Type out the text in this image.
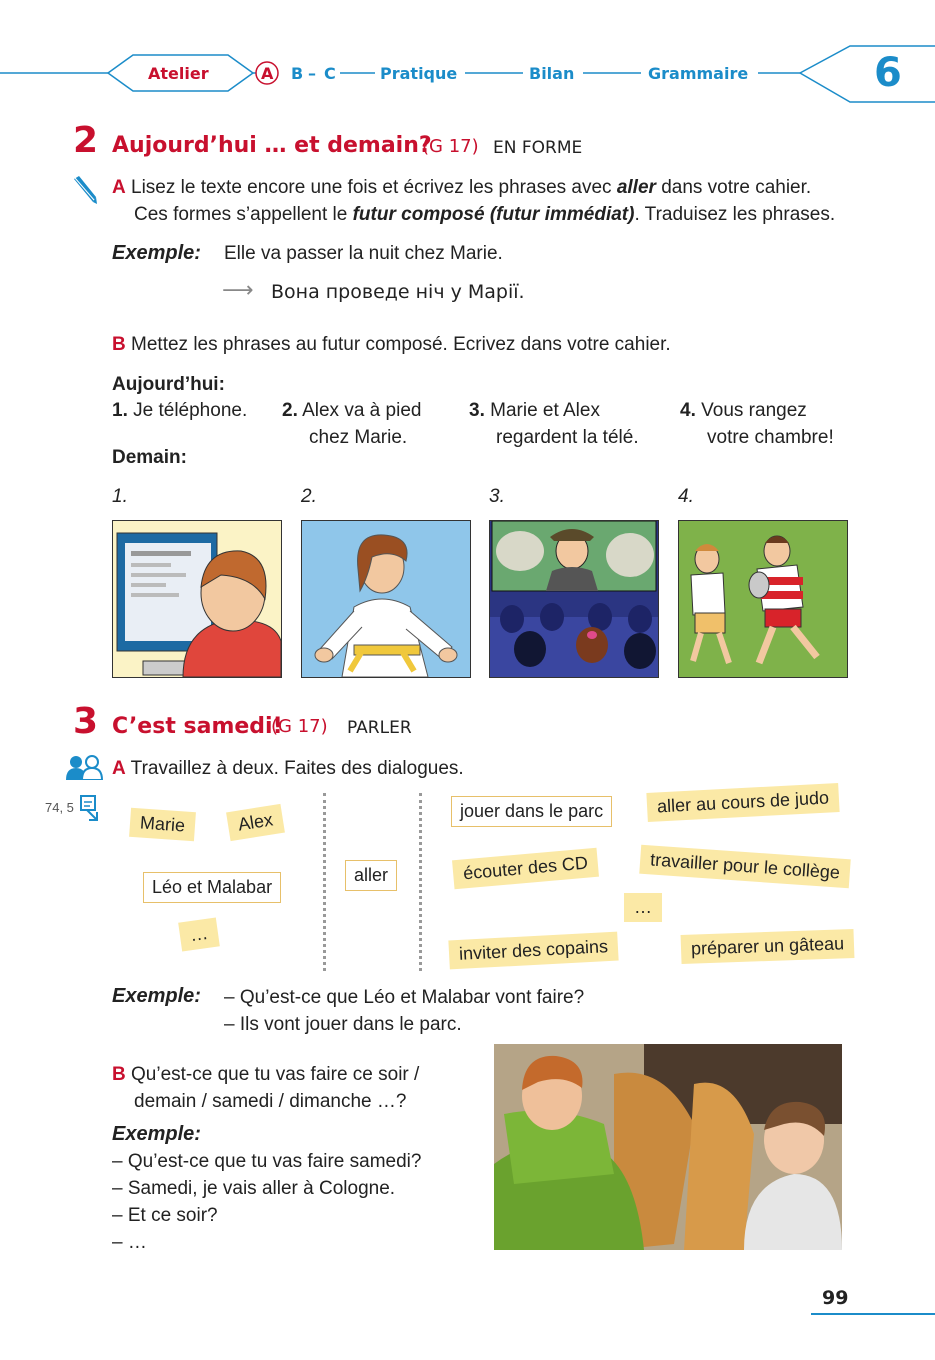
Atelier	A B – C	Pratique	Bilan	Grammaire	6
2 Aujourd’hui … et demain?
(G 17) EN FORME
A Lisez le texte encore une fois et écrivez les phrases avec aller dans votre cahier.
Ces formes s’appellent le futur composé (futur immédiat). Traduisez les phrases.
Exemple: Elle va passer la nuit chez Marie.
⟶ Вона проведе ніч у Марії.
B Mettez les phrases au futur composé. Ecrivez dans votre cahier.
Aujourd’hui:
1. Je téléphone. 2. Alex va à pied
chez Marie.
3. Marie et Alex
regardent la télé.
4. Vous rangez
votre chambre!
Demain:
1.	2.	3.	4.
3 C’est samedi!
(G 17) PARLER
A Travaillez à deux. Faites des dialogues.
74, 5
Marie	Alex
Léo et Malabar
…
aller
jouer dans le parc	aller au cours de judo
écouter des CD	travailler pour le collège
…
inviter des copains	préparer un gâteau
Exemple: – Qu’est-ce que Léo et Malabar vont faire?
– Ils vont jouer dans le parc.
B Qu’est-ce que tu vas faire ce soir /
demain / samedi / dimanche …?
Exemple:
– Qu’est-ce que tu vas faire samedi?
– Samedi, je vais aller à Cologne.
– Et ce soir?
– …
99
